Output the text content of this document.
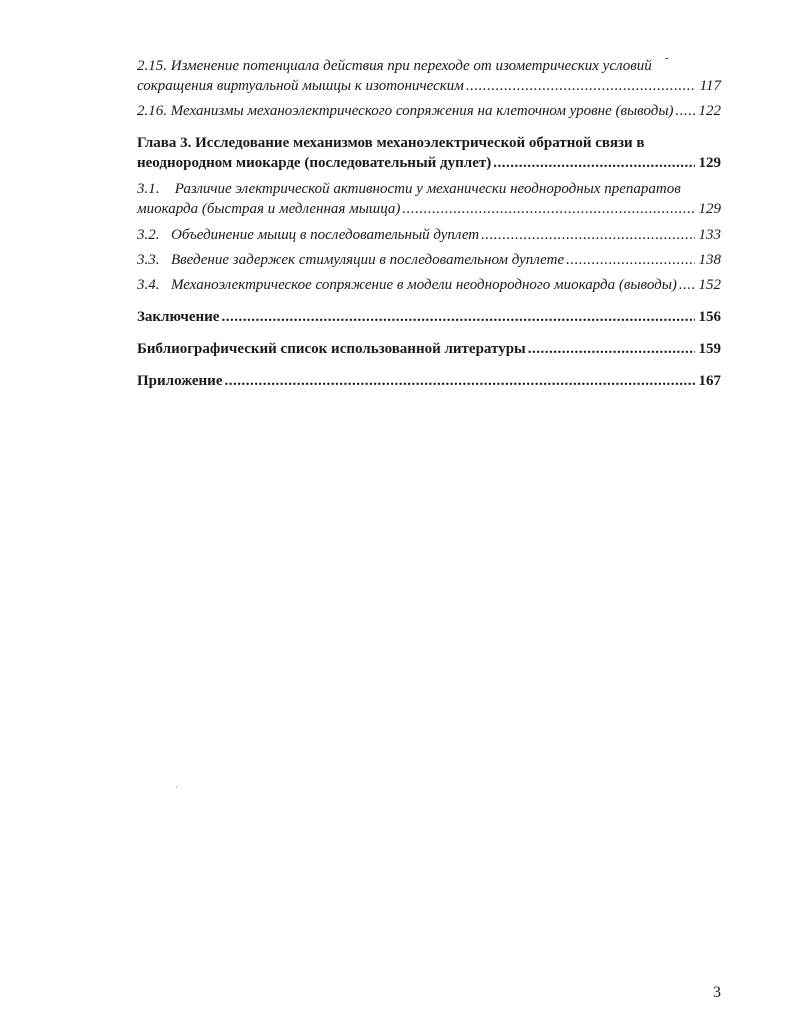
2.15. Изменение потенциала действия при переходе от изометрических условий
сокращения виртуальной мышцы к изотоническим .....	117
2.16. Механизмы механоэлектрического сопряжения на клеточном уровне (выводы) ..... 122
Глава 3. Исследование механизмов механоэлектрической обратной связи в
неоднородном миокарде (последовательный дуплет) .....	129
3.1. Различие электрической активности у механически неоднородных препаратов
миокарда (быстрая и медленная мышца) .....	129
3.2. Объединение мышц в последовательный дуплет .....	133
3.3. Введение задержек стимуляции в последовательном дуплете .....	138
3.4. Механоэлектрическое сопряжение в модели неоднородного миокарда (выводы) ..... 152
Заключение .....	156
Библиографический список использованной литературы .....	159
Приложение .....	167
3
